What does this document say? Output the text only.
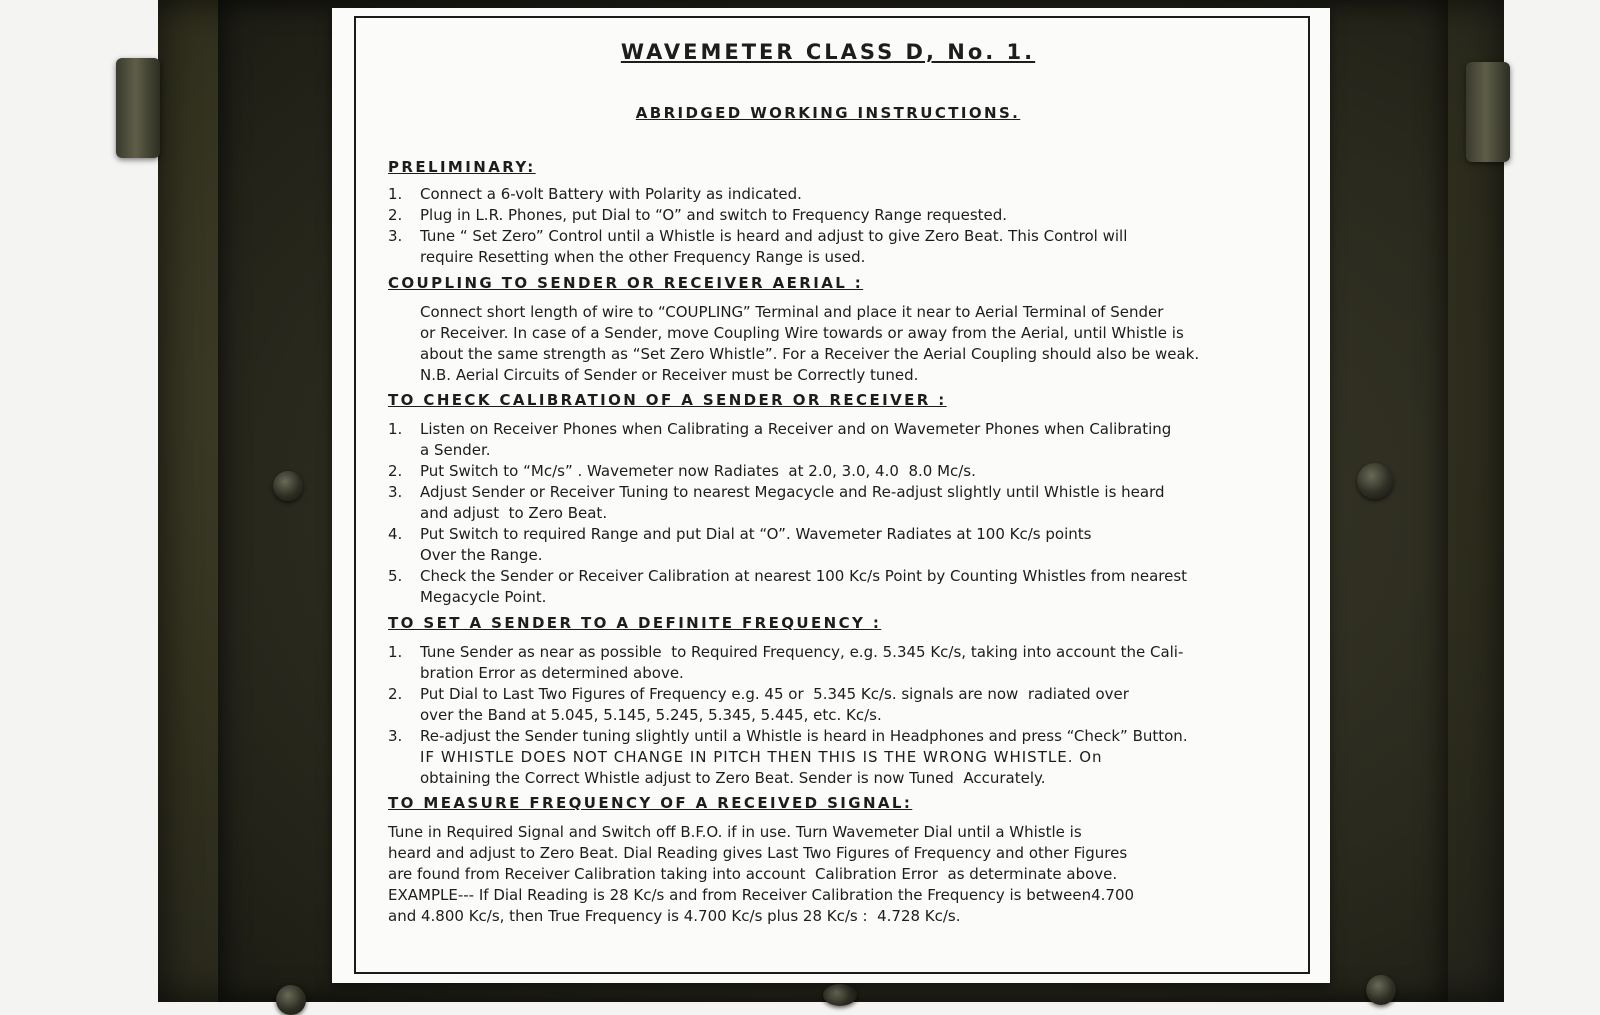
WAVEMETER CLASS D, No. 1.
ABRIDGED WORKING INSTRUCTIONS.
PRELIMINARY:
1.	Connect a 6-volt Battery with Polarity as indicated.
2.	Plug in L.R. Phones, put Dial to “O” and switch to Frequency Range requested.
3.	Tune “ Set Zero” Control until a Whistle is heard and adjust to give Zero Beat. This Control will
require Resetting when the other Frequency Range is used.
COUPLING TO SENDER OR RECEIVER AERIAL :
Connect short length of wire to “COUPLING” Terminal and place it near to Aerial Terminal of Sender
or Receiver. In case of a Sender, move Coupling Wire towards or away from the Aerial, until Whistle is
about the same strength as “Set Zero Whistle”. For a Receiver the Aerial Coupling should also be weak.
N.B. Aerial Circuits of Sender or Receiver must be Correctly tuned.
TO CHECK CALIBRATION OF A SENDER OR RECEIVER :
1.	Listen on Receiver Phones when Calibrating a Receiver and on Wavemeter Phones when Calibrating
a Sender.
2.	Put Switch to “Mc/s” . Wavemeter now Radiates  at 2.0, 3.0, 4.0  8.0 Mc/s.
3.	Adjust Sender or Receiver Tuning to nearest Megacycle and Re-adjust slightly until Whistle is heard
and adjust  to Zero Beat.
4.	Put Switch to required Range and put Dial at “O”. Wavemeter Radiates at 100 Kc/s points
Over the Range.
5.	Check the Sender or Receiver Calibration at nearest 100 Kc/s Point by Counting Whistles from nearest
Megacycle Point.
TO SET A SENDER TO A DEFINITE FREQUENCY :
1.	Tune Sender as near as possible  to Required Frequency, e.g. 5.345 Kc/s, taking into account the Cali-
bration Error as determined above.
2.	Put Dial to Last Two Figures of Frequency e.g. 45 or  5.345 Kc/s. signals are now  radiated over
over the Band at 5.045, 5.145, 5.245, 5.345, 5.445, etc. Kc/s.
3.	Re-adjust the Sender tuning slightly until a Whistle is heard in Headphones and press “Check” Button.
IF WHISTLE DOES NOT CHANGE IN PITCH THEN THIS IS THE WRONG WHISTLE. On
obtaining the Correct Whistle adjust to Zero Beat. Sender is now Tuned  Accurately.
TO MEASURE FREQUENCY OF A RECEIVED SIGNAL:
Tune in Required Signal and Switch off B.F.O. if in use. Turn Wavemeter Dial until a Whistle is
heard and adjust to Zero Beat. Dial Reading gives Last Two Figures of Frequency and other Figures
are found from Receiver Calibration taking into account  Calibration Error  as determinate above.
EXAMPLE--- If Dial Reading is 28 Kc/s and from Receiver Calibration the Frequency is between4.700
and 4.800 Kc/s, then True Frequency is 4.700 Kc/s plus 28 Kc/s :  4.728 Kc/s.
